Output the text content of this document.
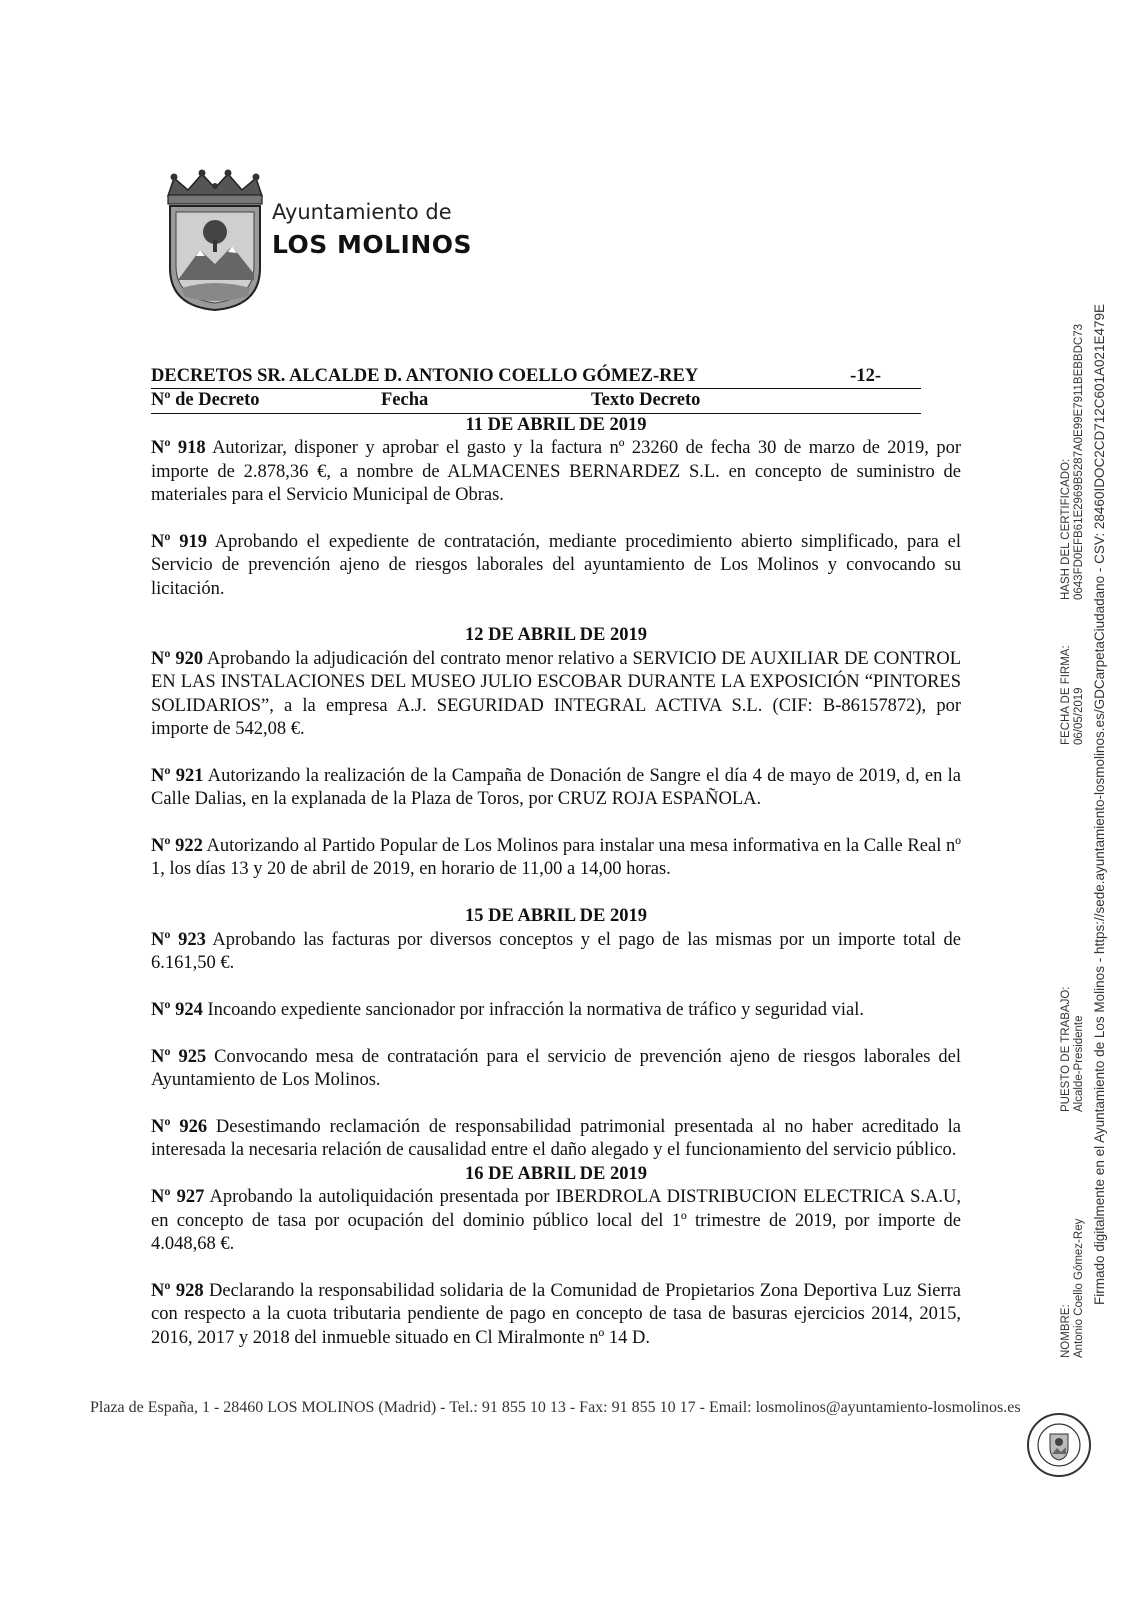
Ayuntamiento de
LOS MOLINOS
DECRETOS SR. ALCALDE D. ANTONIO COELLO GÓMEZ-REY	-12-
Nº de Decreto	Fecha	Texto Decreto

11 DE ABRIL DE 2019

Nº 918 Autorizar, disponer y aprobar el gasto y la factura nº 23260 de fecha 30 de marzo de 2019, por importe de 2.878,36 €, a nombre de ALMACENES BERNARDEZ S.L. en concepto de suministro de materiales para el Servicio Municipal de Obras.

Nº 919 Aprobando el expediente de contratación, mediante procedimiento abierto simplificado, para el Servicio de prevención ajeno de riesgos laborales del ayuntamiento de Los Molinos y convocando su licitación.

12 DE ABRIL DE 2019

Nº 920 Aprobando la adjudicación del contrato menor relativo a SERVICIO DE AUXILIAR DE CONTROL EN LAS INSTALACIONES DEL MUSEO JULIO ESCOBAR DURANTE LA EXPOSICIÓN “PINTORES SOLIDARIOS”, a la empresa A.J. SEGURIDAD INTEGRAL ACTIVA S.L. (CIF: B-86157872), por importe de 542,08 €.

Nº 921 Autorizando la realización de la Campaña de Donación de Sangre el día 4 de mayo de 2019, d, en la Calle Dalias, en la explanada de la Plaza de Toros, por CRUZ ROJA ESPAÑOLA.

Nº 922 Autorizando al Partido Popular de Los Molinos para instalar una mesa informativa en la Calle Real nº 1, los días 13 y 20 de abril de 2019, en horario de 11,00 a 14,00 horas.

15 DE ABRIL DE 2019

Nº 923 Aprobando las facturas por diversos conceptos y el pago de las mismas por un importe total de 6.161,50 €.

Nº 924 Incoando expediente sancionador por infracción la normativa de tráfico y seguridad vial.

Nº 925 Convocando mesa de contratación para el servicio de prevención ajeno de riesgos laborales del Ayuntamiento de Los Molinos.

Nº 926 Desestimando reclamación de responsabilidad patrimonial presentada al no haber acreditado la interesada la necesaria relación de causalidad entre el daño alegado y el funcionamiento del servicio público.

16 DE ABRIL DE 2019

Nº 927 Aprobando la autoliquidación presentada por IBERDROLA DISTRIBUCION ELECTRICA S.A.U, en concepto de tasa por ocupación del dominio público local del 1º trimestre de 2019, por importe de 4.048,68 €.

Nº 928 Declarando la responsabilidad solidaria de la Comunidad de Propietarios Zona Deportiva Luz Sierra con respecto a la cuota tributaria pendiente de pago en concepto de tasa de basuras ejercicios 2014, 2015, 2016, 2017 y 2018 del inmueble situado en Cl Miralmonte nº 14 D.

Plaza de España, 1 - 28460 LOS MOLINOS (Madrid) - Tel.: 91 855 10 13 - Fax: 91 855 10 17 - Email: losmolinos@ayuntamiento-losmolinos.es
NOMBRE: Antonio Coello Gómez-Rey
PUESTO DE TRABAJO: Alcalde-Presidente
FECHA DE FIRMA: 06/05/2019
HASH DEL CERTIFICADO: 0643FD0EFB61E2969B5287A0E99E7911BEBBDC73 Firmado digitalmente en el Ayuntamiento de Los Molinos - https://sede.ayuntamiento-losmolinos.es/GDCarpetaCiudadano - CSV: 28460IDOC2CD712C601A021E479E
